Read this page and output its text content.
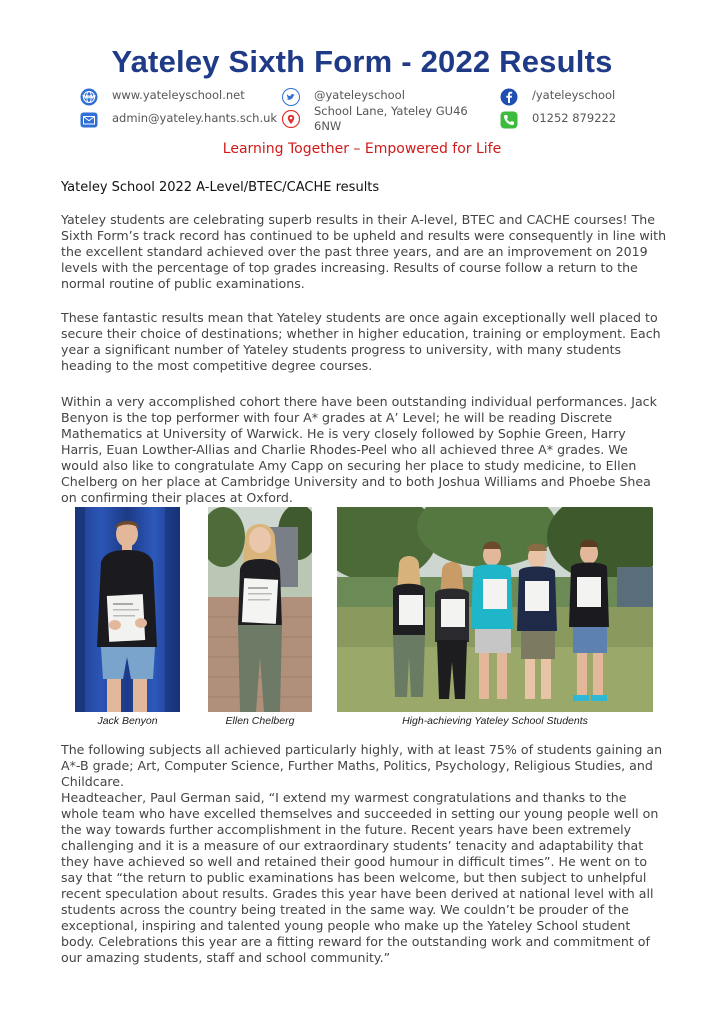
Yateley Sixth Form - 2022 Results
WWW www.yateleyschool.net	@yateleyschool	/yateleyschool
admin@yateley.hants.sch.uk	School Lane, Yateley GU46 6NW
01252 879222
Learning Together – Empowered for Life
Yateley School 2022 A-Level/BTEC/CACHE results

Yateley students are celebrating superb results in their A-level, BTEC and CACHE courses! The Sixth Form’s track record has continued to be upheld and results were consequently in line with the excellent standard achieved over the past three years, and are an improvement on 2019 levels with the percentage of top grades increasing. Results of course follow a return to the normal routine of public examinations.

These fantastic results mean that Yateley students are once again exceptionally well placed to secure their choice of destinations; whether in higher education, training or employment. Each year a significant number of Yateley students progress to university, with many students heading to the most competitive degree courses.

Within a very accomplished cohort there have been outstanding individual performances. Jack Benyon is the top performer with four A* grades at A’ Level; he will be reading Discrete Mathematics at University of Warwick. He is very closely followed by Sophie Green, Harry Harris, Euan Lowther-Allias and Charlie Rhodes-Peel who all achieved three A* grades. We would also like to congratulate Amy Capp on securing her place to study medicine, to Ellen Chelberg on her place at Cambridge University and to both Joshua Williams and Phoebe Shea on confirming their places at Oxford.

Jack Benyon	Ellen Chelberg	High-achieving Yateley School Students

The following subjects all achieved particularly highly, with at least 75% of students gaining an A*-B grade; Art, Computer Science, Further Maths, Politics, Psychology, Religious Studies, and Childcare.

Headteacher, Paul German said, “I extend my warmest congratulations and thanks to the whole team who have excelled themselves and succeeded in setting our young people well on the way towards further accomplishment in the future. Recent years have been extremely challenging and it is a measure of our extraordinary students’ tenacity and adaptability that they have achieved so well and retained their good humour in difficult times”. He went on to say that “the return to public examinations has been welcome, but then subject to unhelpful recent speculation about results. Grades this year have been derived at national level with all students across the country being treated in the same way. We couldn’t be prouder of the exceptional, inspiring and talented young people who make up the Yateley School student body. Celebrations this year are a fitting reward for the outstanding work and commitment of our amazing students, staff and school community.”
